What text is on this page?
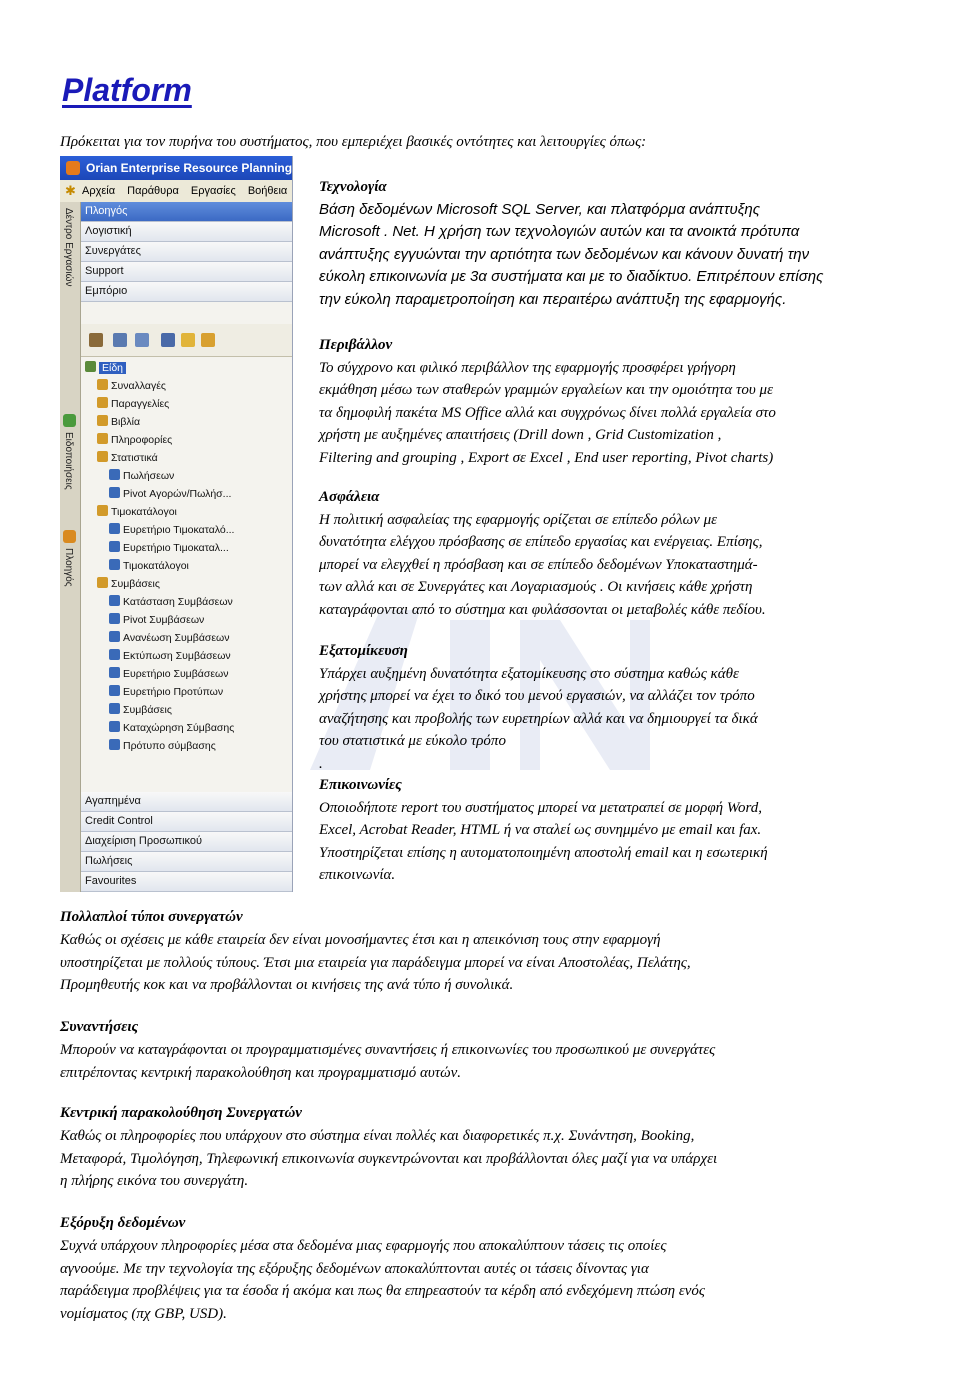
Platform

Πρόκειται για τον πυρήνα του συστήματος, που εμπεριέχει βασικές οντότητες και λειτουργίες όπως:

Orian Enterprise Resource Planning
✱ Αρχεία Παράθυρα Εργασίες Βοήθεια
Δέντρο Εργασιών
Ειδοποιήσεις
Πλοηγός
Πλοηγός
Λογιστική
Συνεργάτες
Support
Εμπόριο
Είδη
Συναλλαγές
Παραγγελίες
Βιβλία
Πληροφορίες
Στατιστικά
Πωλήσεων
Pivot Αγορών/Πωλήσ...
Τιμοκατάλογοι
Ευρετήριο Τιμοκαταλό...
Ευρετήριο Τιμοκαταλ...
Τιμοκατάλογοι
Συμβάσεις
Κατάσταση Συμβάσεων
Pivot Συμβάσεων
Ανανέωση Συμβάσεων
Εκτύπωση Συμβάσεων
Ευρετήριο Συμβάσεων
Ευρετήριο Προτύπων
Συμβάσεις
Καταχώρηση Σύμβασης
Πρότυπο σύμβασης
Αγαπημένα
Credit Control
Διαχείριση Προσωπικού
Πωλήσεις
Favourites

Τεχνολογία

Βάση δεδομένων Microsoft SQL Server, και πλατφόρμα ανάπτυξης

Microsoft . Net. Η χρήση των τεχνολογιών αυτών και τα ανοικτά πρότυπα

ανάπτυξης εγγυώνται την αρτιότητα των δεδομένων και κάνουν δυνατή την

εύκολη επικοινωνία με 3α συστήματα και με το διαδίκτυο. Επιτρέπουν επίσης

την εύκολη παραμετροποίηση και περαιτέρω ανάπτυξη της εφαρμογής.

Περιβάλλον

Το σύγχρονο και φιλικό περιβάλλον της εφαρμογής προσφέρει γρήγορη

εκμάθηση μέσω των σταθερών γραμμών εργαλείων και την ομοιότητα του με

τα δημοφιλή πακέτα MS Office αλλά και συγχρόνως δίνει πολλά εργαλεία στο

χρήστη με αυξημένες απαιτήσεις (Drill down , Grid Customization ,

Filtering and grouping , Export σε Excel , End user reporting, Pivot charts)

Ασφάλεια

Η πολιτική ασφαλείας της εφαρμογής ορίζεται σε επίπεδο ρόλων με

δυνατότητα ελέγχου πρόσβασης σε επίπεδο εργασίας και ενέργειας. Επίσης,

μπορεί να ελεγχθεί η πρόσβαση και σε επίπεδο δεδομένων Υποκαταστημά-

των αλλά και σε Συνεργάτες και Λογαριασμούς . Οι κινήσεις κάθε χρήστη

καταγράφονται από το σύστημα και φυλάσσονται οι μεταβολές κάθε πεδίου.

Εξατομίκευση

Υπάρχει αυξημένη δυνατότητα εξατομίκευσης στο σύστημα καθώς κάθε

χρήστης μπορεί να έχει το δικό του μενού εργασιών, να αλλάζει τον τρόπο

αναζήτησης και προβολής των ευρετηρίων αλλά και να δημιουργεί τα δικά

του στατιστικά με εύκολο τρόπο

.

Επικοινωνίες

Οποιοδήποτε report του συστήματος μπορεί να μετατραπεί σε μορφή Word,

Excel, Acrobat Reader, HTML ή να σταλεί ως συνημμένο με email και fax.

Υποστηρίζεται επίσης η αυτοματοποιημένη αποστολή email και η εσωτερική

επικοινωνία.

Πολλαπλοί τύποι συνεργατών

Καθώς οι σχέσεις με κάθε εταιρεία δεν είναι μονοσήμαντες έτσι και η απεικόνιση τους στην εφαρμογή

υποστηρίζεται με πολλούς τύπους. Έτσι μια εταιρεία για παράδειγμα μπορεί να είναι Αποστολέας, Πελάτης,

Προμηθευτής κοκ και να προβάλλονται οι κινήσεις της ανά τύπο ή συνολικά.

Συναντήσεις

Μπορούν να καταγράφονται οι προγραμματισμένες συναντήσεις ή επικοινωνίες του προσωπικού με συνεργάτες

επιτρέποντας κεντρική παρακολούθηση και προγραμματισμό αυτών.

Κεντρική παρακολούθηση Συνεργατών

Καθώς οι πληροφορίες που υπάρχουν στο σύστημα είναι πολλές και διαφορετικές π.χ. Συνάντηση, Booking,

Μεταφορά, Τιμολόγηση, Τηλεφωνική επικοινωνία συγκεντρώνονται και προβάλλονται όλες μαζί για να υπάρχει

η πλήρης εικόνα του συνεργάτη.

Εξόρυξη δεδομένων

Συχνά υπάρχουν πληροφορίες μέσα στα δεδομένα μιας εφαρμογής που αποκαλύπτουν τάσεις τις οποίες

αγνοούμε. Με την τεχνολογία της εξόρυξης δεδομένων αποκαλύπτονται αυτές οι τάσεις δίνοντας για

παράδειγμα προβλέψεις για τα έσοδα ή ακόμα και πως θα επηρεαστούν τα κέρδη από ενδεχόμενη πτώση ενός

νομίσματος (πχ GBP, USD).
